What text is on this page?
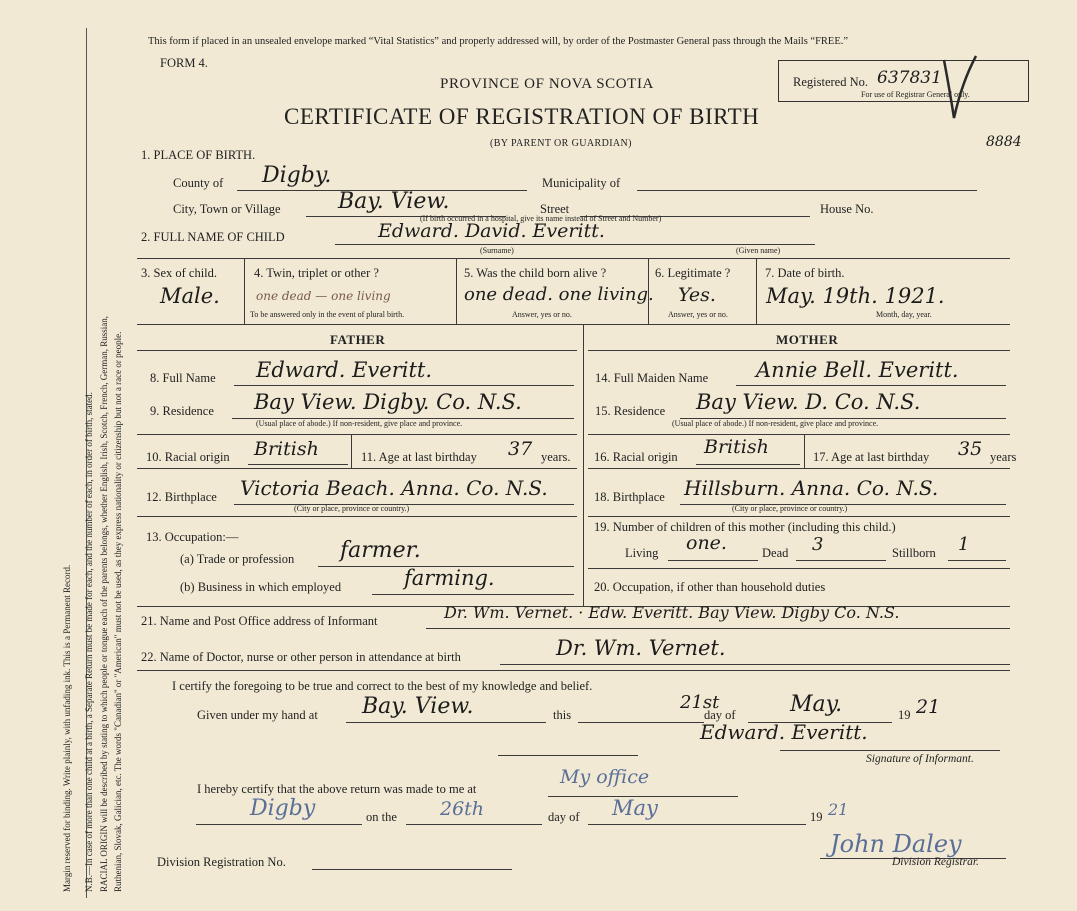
Margin reserved for binding. Write plainly, with unfading ink. This is a Permanent Record. N.B.—In case of more than one child at a birth, a Separate Return must be made for each, and the number of each, in order of birth, stated. RACIAL ORIGIN will be described by stating to which people or tongue each of the parents belongs, whether English, Irish, Scotch, French, German, Russian, Ruthenian, Slovak, Galician, etc. The words "Canadian" or "American" must not be used, as they express nationality or citizenship but not a race or people.
This form if placed in an unsealed envelope marked “Vital Statistics” and properly addressed will, by order of the Postmaster General pass through the Mails “FREE.”
FORM 4.
PROVINCE OF NOVA SCOTIA
CERTIFICATE OF REGISTRATION OF BIRTH
(BY PARENT OR GUARDIAN)
Registered No. 637831
For use of Registrar General only.
8884
1. PLACE OF BIRTH.
County of Digby.	Municipality of
City, Town or Village	Bay. View.	Street	House No.
(If birth occurred in a hospital, give its name instead of Street and Number)
2. FULL NAME OF CHILD	Edward. David. Everitt.
(Surname)	(Given name)
3. Sex of child.
Male.
4. Twin, triplet or other ?
one dead — one living
To be answered only in the event of plural birth.
5. Was the child born alive ?
one dead. one living.
Answer, yes or no.
6. Legitimate ?
Yes.
Answer, yes or no.
7. Date of birth.
May. 19th. 1921.
Month, day, year.
FATHER	MOTHER
8. Full Name Edward. Everitt.
9. Residence Bay View. Digby. Co. N.S.
(Usual place of abode.) If non-resident, give place and province.
10. Racial origin British	11. Age at last birthday 37 years.
12. Birthplace Victoria Beach. Anna. Co. N.S.
(City or place, province or country.)
13. Occupation:—
(a) Trade or profession farmer.
(b) Business in which employed	farming.
14. Full Maiden Name Annie Bell. Everitt.
15. Residence Bay View. D. Co. N.S.
(Usual place of abode.) If non-resident, give place and province.
16. Racial origin British	17. Age at last birthday 35 years
18. Birthplace Hillsburn. Anna. Co. N.S.
(City or place, province or country.)
19. Number of children of this mother (including this child.)
Living one.	Dead 3	Stillborn 1
20. Occupation, if other than household duties
21. Name and Post Office address of Informant	Dr. Wm. Vernet. · Edw. Everitt. Bay View. Digby Co. N.S.
22. Name of Doctor, nurse or other person in attendance at birth	Dr. Wm. Vernet.
I certify the foregoing to be true and correct to the best of my knowledge and belief.
Given under my hand at Bay. View.	this
21st
day of May.	19 21
Edward. Everitt.
Signature of Informant.
I hereby certify that the above return was made to me at
My office
Digby	on the 26th	day of May	19 21
Division Registration No.
John Daley
Division Registrar.
